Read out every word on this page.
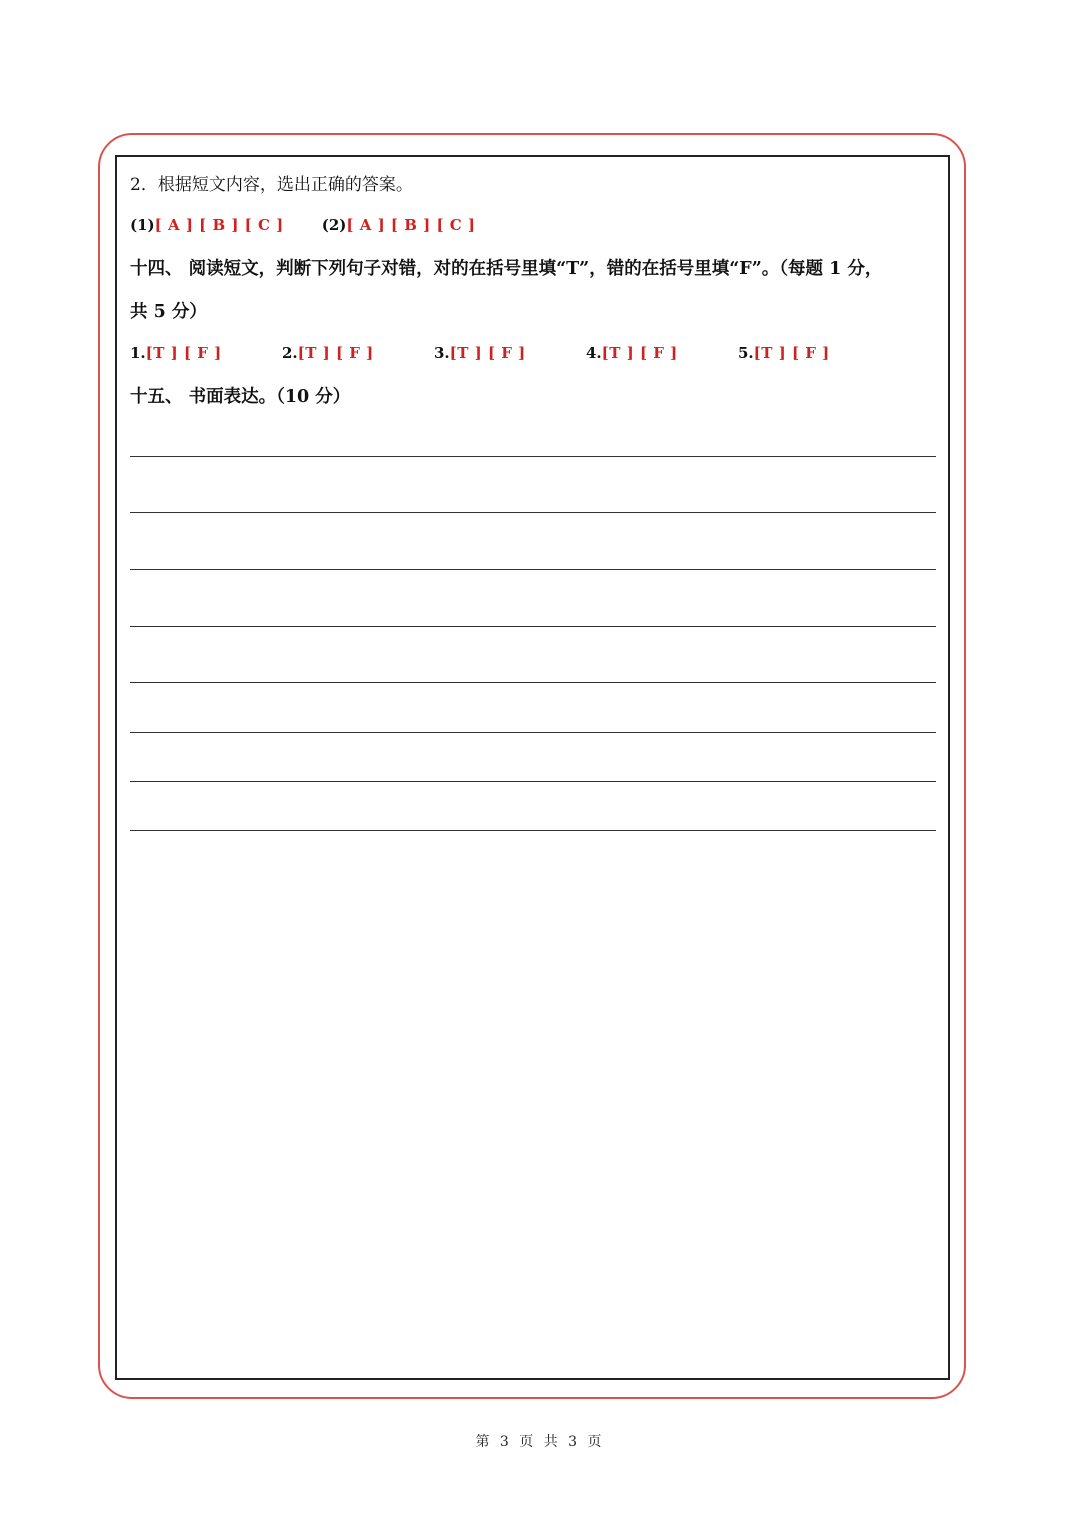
2．根据短文内容，选出正确的答案。
(1) [ A ] [ B ] [ C ]	(2) [ A ] [ B ] [ C ]
十四、 阅读短文，判断下列句子对错，对的在括号里填“T”，错的在括号里填“F”。（每题 1 分，
共 5 分）
1. [T ] [ F ]	2. [T ] [ F ]	3. [T ] [ F ]	4. [T ] [ F ]	5. [T ] [ F ]
十五、 书面表达。（10 分）
第 3 页 共 3 页
